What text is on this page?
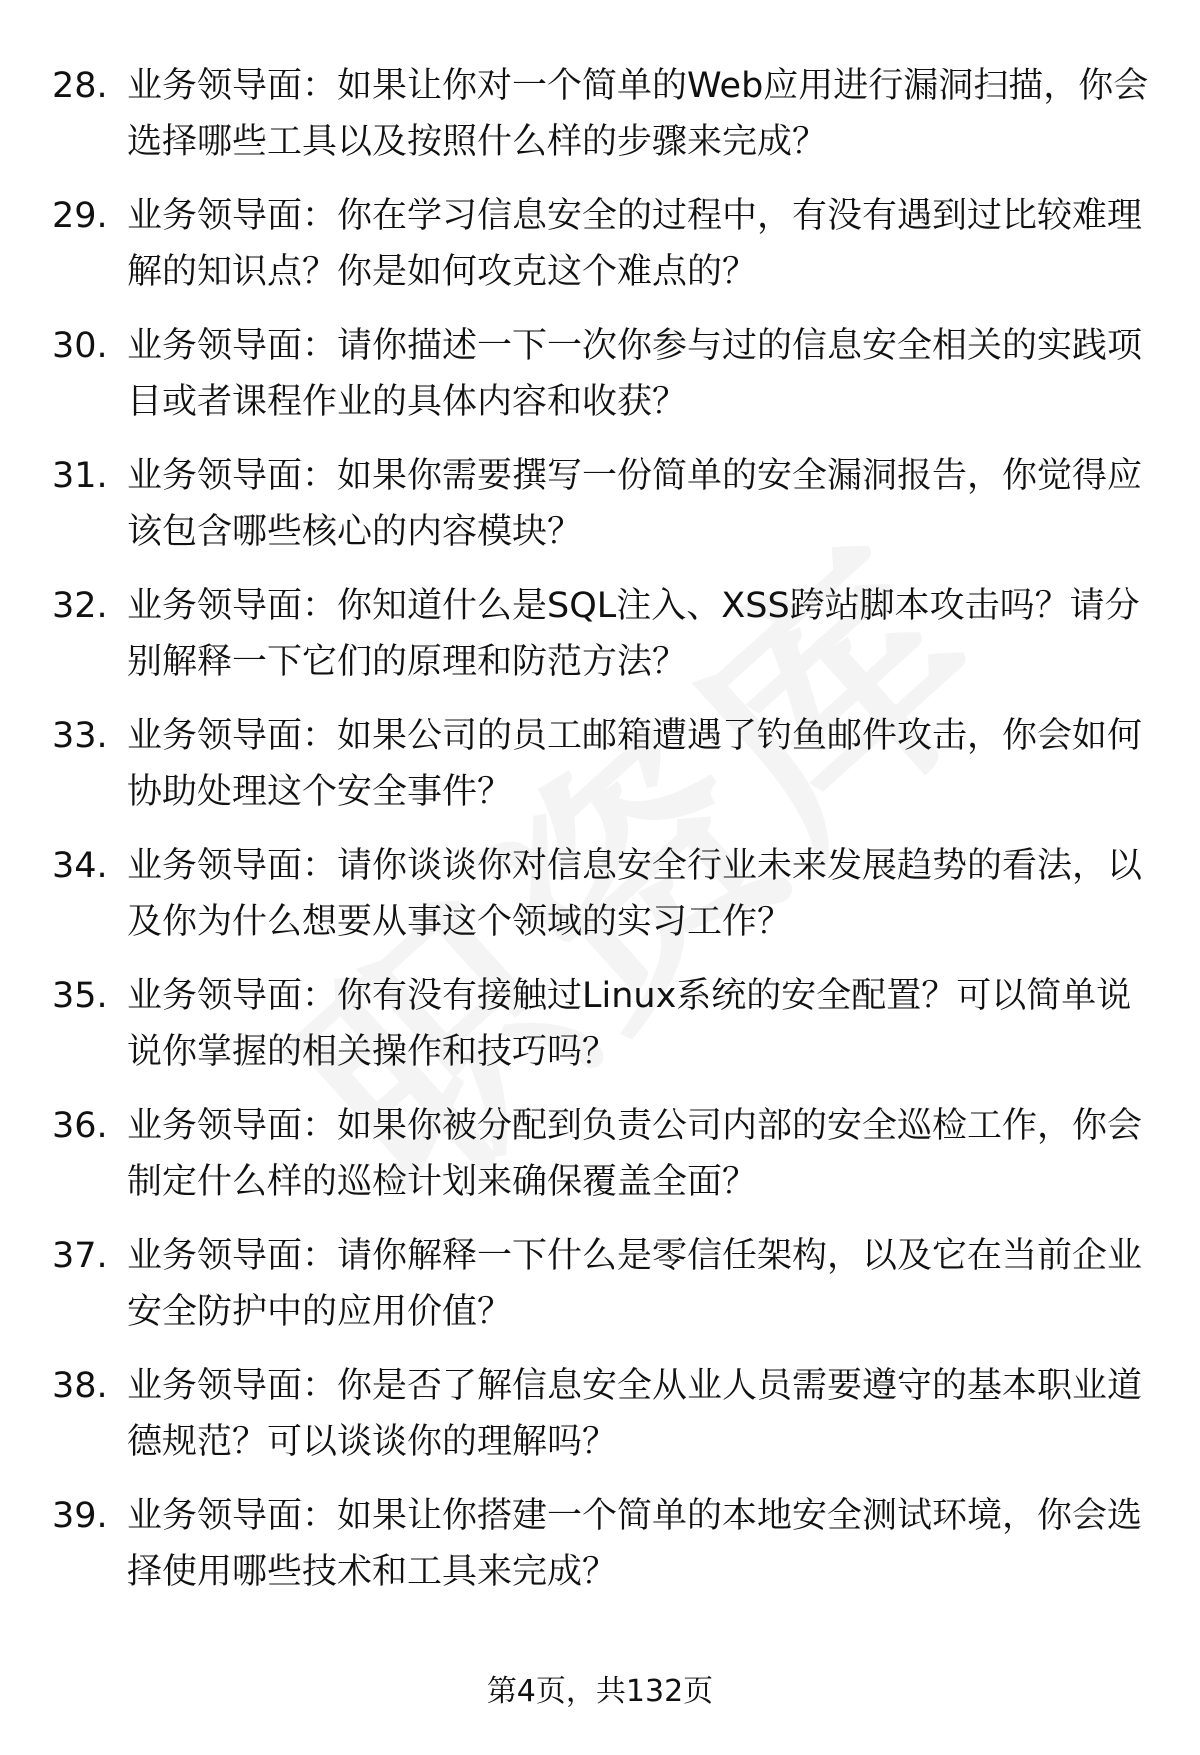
28. 业务领导面：如果让你对一个简单的Web应用进行漏洞扫描，你会选择哪些工具以及按照什么样的步骤来完成？
29. 业务领导面：你在学习信息安全的过程中，有没有遇到过比较难理解的知识点？你是如何攻克这个难点的？
30. 业务领导面：请你描述一下一次你参与过的信息安全相关的实践项目或者课程作业的具体内容和收获？
31. 业务领导面：如果你需要撰写一份简单的安全漏洞报告，你觉得应该包含哪些核心的内容模块？
32. 业务领导面：你知道什么是SQL注入、XSS跨站脚本攻击吗？请分别解释一下它们的原理和防范方法？
33. 业务领导面：如果公司的员工邮箱遭遇了钓鱼邮件攻击，你会如何协助处理这个安全事件？
34. 业务领导面：请你谈谈你对信息安全行业未来发展趋势的看法，以及你为什么想要从事这个领域的实习工作？
35. 业务领导面：你有没有接触过Linux系统的安全配置？可以简单说说你掌握的相关操作和技巧吗？
36. 业务领导面：如果你被分配到负责公司内部的安全巡检工作，你会制定什么样的巡检计划来确保覆盖全面？
37. 业务领导面：请你解释一下什么是零信任架构，以及它在当前企业安全防护中的应用价值？
38. 业务领导面：你是否了解信息安全从业人员需要遵守的基本职业道德规范？可以谈谈你的理解吗？
39. 业务领导面：如果让你搭建一个简单的本地安全测试环境，你会选择使用哪些技术和工具来完成？
第4页，共132页
